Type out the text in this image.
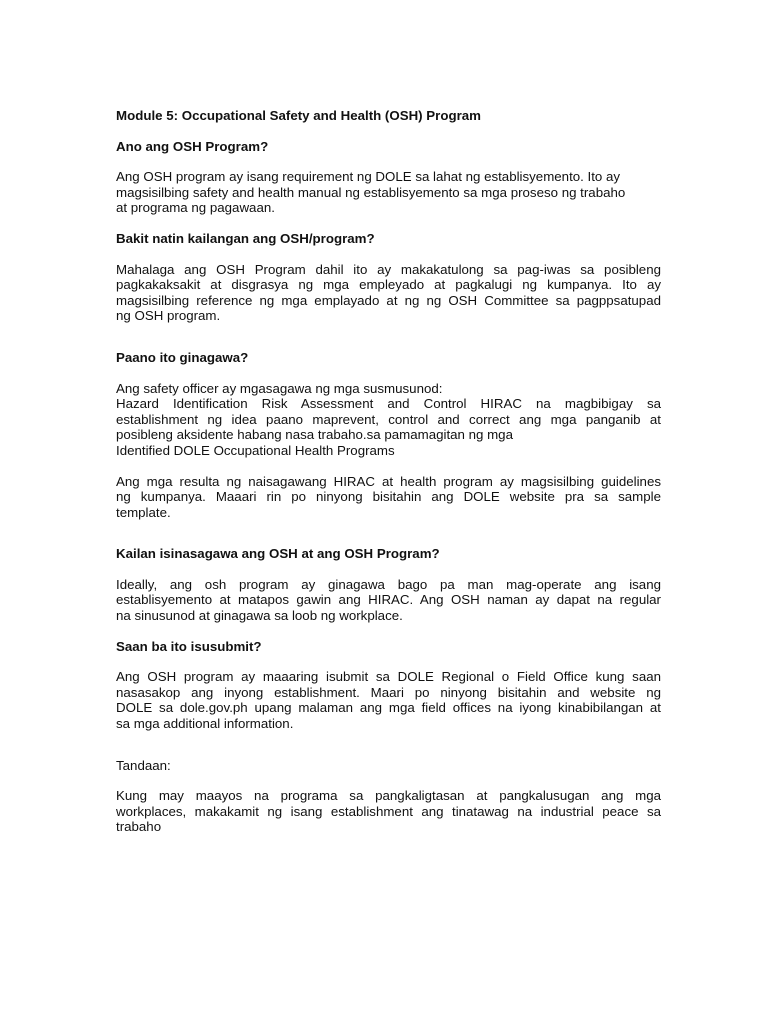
Module 5: Occupational Safety and Health (OSH) Program
Ano ang OSH Program?
Ang OSH program ay isang requirement ng DOLE sa lahat ng establisyemento. Ito ay
magsisilbing safety and health manual ng establisyemento sa mga proseso ng trabaho
at programa ng pagawaan.
Bakit natin kailangan ang OSH/program?
Mahalaga ang OSH Program dahil ito ay makakatulong sa pag-iwas sa posibleng
pagkakaksakit at disgrasya ng mga empleyado at pagkalugi ng kumpanya. Ito ay
magsisilbing reference ng mga emplayado at ng ng OSH Committee sa pagppsatupad
ng OSH program.
Paano ito ginagawa?
Ang safety officer ay mgasagawa ng mga susmusunod:
Hazard Identification Risk Assessment and Control HIRAC na magbibigay sa
establishment ng idea paano maprevent, control and correct ang mga panganib at
posibleng aksidente habang nasa trabaho.sa pamamagitan ng mga
Identified DOLE Occupational Health Programs
Ang mga resulta ng naisagawang HIRAC at health program ay magsisilbing guidelines
ng kumpanya. Maaari rin po ninyong bisitahin ang DOLE website pra sa sample
template.
Kailan isinasagawa ang OSH at ang OSH Program?
Ideally, ang osh program ay ginagawa bago pa man mag-operate ang isang
establisyemento at matapos gawin ang HIRAC. Ang OSH naman ay dapat na regular
na sinusunod at ginagawa sa loob ng workplace.
Saan ba ito isusubmit?
Ang OSH program ay maaaring isubmit sa DOLE Regional o Field Office kung saan
nasasakop ang inyong establishment. Maari po ninyong bisitahin and website ng
DOLE sa dole.gov.ph upang malaman ang mga field offices na iyong kinabibilangan at
sa mga additional information.
Tandaan:
Kung may maayos na programa sa pangkaligtasan at pangkalusugan ang mga
workplaces, makakamit ng isang establishment ang tinatawag na industrial peace sa
trabaho
